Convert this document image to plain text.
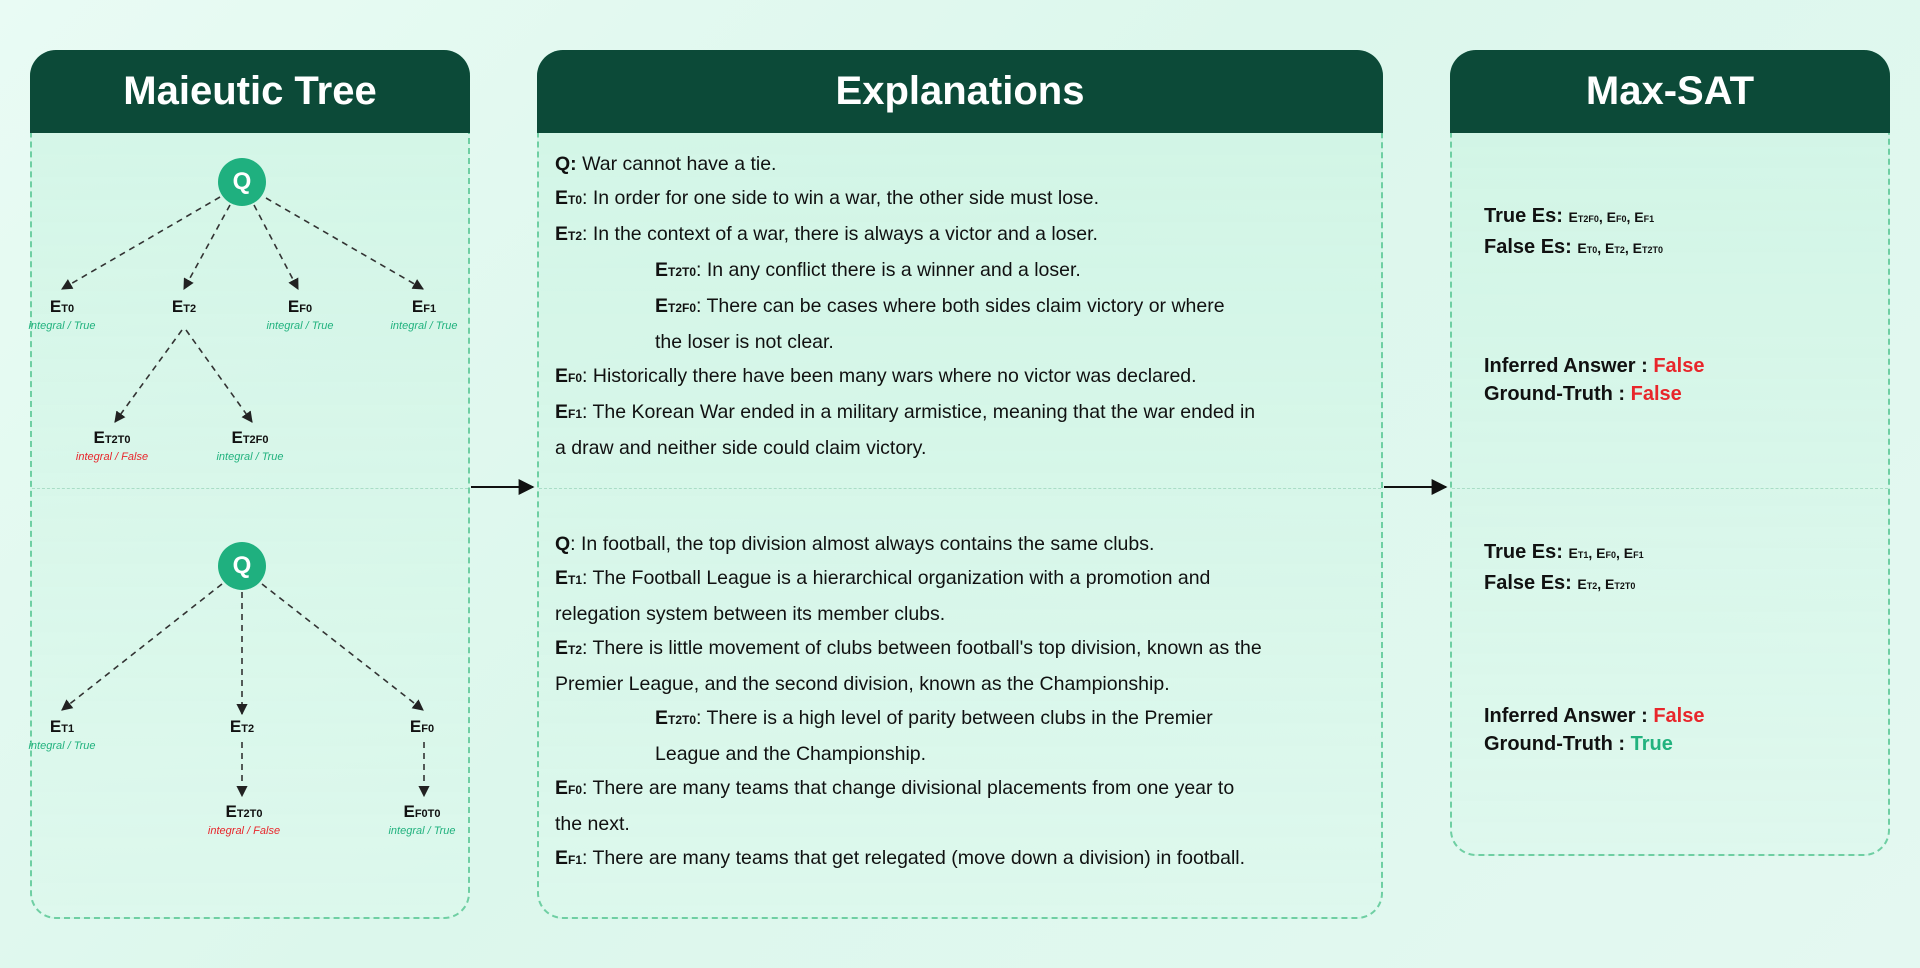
Maieutic Tree	Explanations
Q: War cannot have a tie.
ET0: In order for one side to win a war, the other side must lose.
ET2: In the context of a war, there is always a victor and a loser.
ET2T0: In any conflict there is a winner and a loser.
ET2F0: There can be cases where both sides claim victory or where
the loser is not clear.
EF0: Historically there have been many wars where no victor was declared.
EF1: The Korean War ended in a military armistice, meaning that the war ended in
a draw and neither side could claim victory.
Q: In football, the top division almost always contains the same clubs.
ET1: The Football League is a hierarchical organization with a promotion and
relegation system between its member clubs.
ET2: There is little movement of clubs between football's top division, known as the
Premier League, and the second division, known as the Championship.
ET2T0: There is a high level of parity between clubs in the Premier
League and the Championship.
EF0: There are many teams that change divisional placements from one year to
the next.
EF1: There are many teams that get relegated (move down a division) in football.
Max-SAT
True Es: ET2F0, EF0, EF1
False Es: ET0, ET2, ET2T0
Inferred Answer : False
Ground-Truth : False
True Es: ET1, EF0, EF1
False Es: ET2, ET2T0
Inferred Answer : False
Ground-Truth : True
Q
ET0
integral / True
ET2	EF0
integral / True
EF1
integral / True
ET2T0
integral / False
ET2F0
integral / True
Q
ET1
integral / True
ET2	EF0
ET2T0
integral / False
EF0T0
integral / True
